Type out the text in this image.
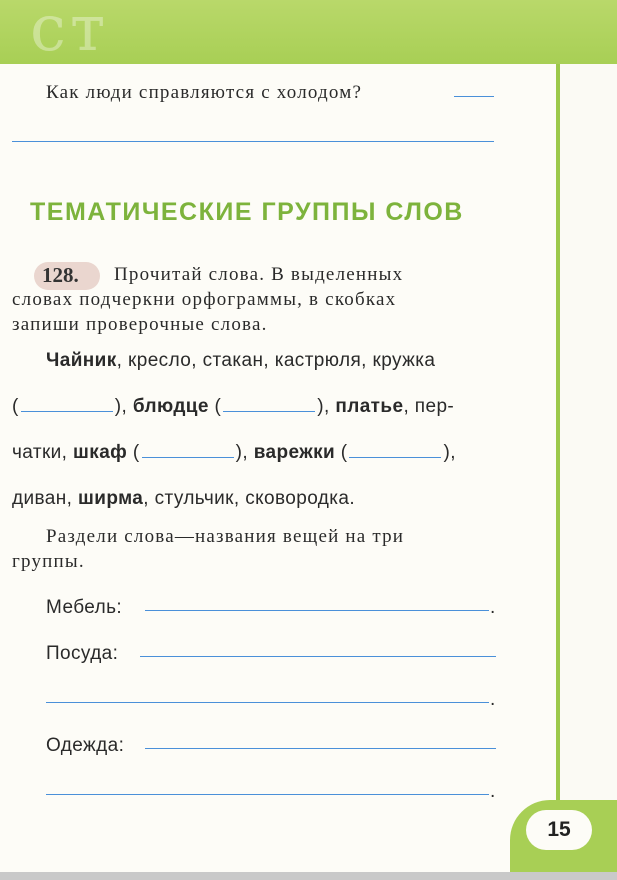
ст
Как люди справляются с холодом?
ТЕМАТИЧЕСКИЕ ГРУППЫ СЛОВ
128. Прочитай слова. В выделенных
словах подчеркни орфограммы, в скобках
запиши проверочные слова.
Чайник, кресло, стакан, кастрюля, кружка
(	), блюдце (	), платье, пер-
чатки, шкаф (	), варежки (	),
диван, ширма, стульчик, сковородка.
Раздели слова—названия вещей на три
группы.
Мебель:	.
Посуда:
.
Одежда:
.
15
